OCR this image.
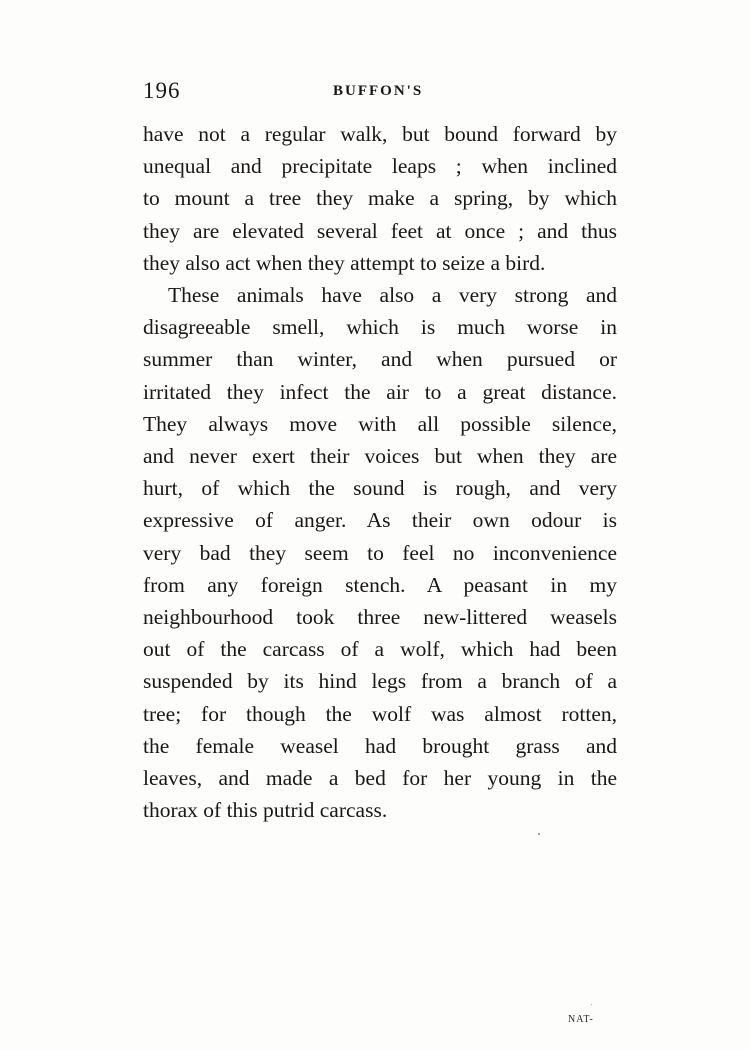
196	BUFFON'S
have not a regular walk, but bound forward by
unequal and precipitate leaps ; when inclined
to mount a tree they make a spring, by which
they are elevated several feet at once ; and thus
they also act when they attempt to seize a bird.
These animals have also a very strong and
disagreeable smell, which is much worse in
summer than winter, and when pursued or
irritated they infect the air to a great distance.
They always move with all possible silence,
and never exert their voices but when they are
hurt, of which the sound is rough, and very
expressive of anger. As their own odour is
very bad they seem to feel no inconvenience
from any foreign stench. A peasant in my
neighbourhood took three new-littered weasels
out of the carcass of a wolf, which had been
suspended by its hind legs from a branch of a
tree; for though the wolf was almost rotten,
the female weasel had brought grass and
leaves, and made a bed for her young in the
thorax of this putrid carcass.
NAT-
